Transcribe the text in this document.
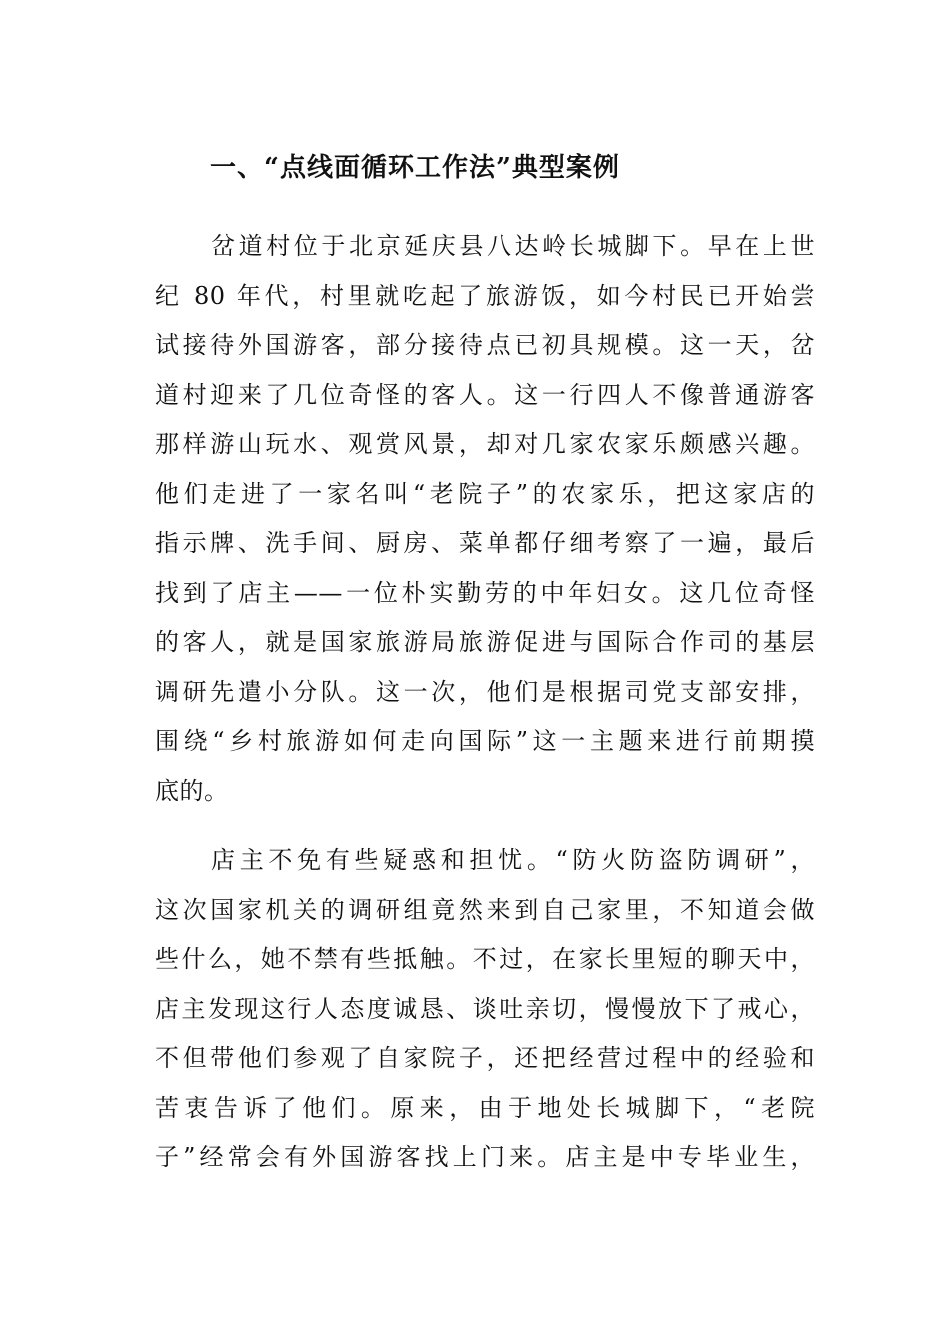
一、“点线面循环工作法”典型案例
岔道村位于北京延庆县八达岭长城脚下。早在上世
纪 80 年代，村里就吃起了旅游饭，如今村民已开始尝
试接待外国游客，部分接待点已初具规模。这一天，岔
道村迎来了几位奇怪的客人。这一行四人不像普通游客
那样游山玩水、观赏风景，却对几家农家乐颇感兴趣。
他们走进了一家名叫“老院子”的农家乐，把这家店的
指示牌、洗手间、厨房、菜单都仔细考察了一遍，最后
找到了店主——一位朴实勤劳的中年妇女。这几位奇怪
的客人，就是国家旅游局旅游促进与国际合作司的基层
调研先遣小分队。这一次，他们是根据司党支部安排，
围绕“乡村旅游如何走向国际”这一主题来进行前期摸
底的。
店主不免有些疑惑和担忧。“防火防盗防调研”，
这次国家机关的调研组竟然来到自己家里，不知道会做
些什么，她不禁有些抵触。不过，在家长里短的聊天中，
店主发现这行人态度诚恳、谈吐亲切，慢慢放下了戒心，
不但带他们参观了自家院子，还把经营过程中的经验和
苦衷告诉了他们。原来，由于地处长城脚下，“老院
子”经常会有外国游客找上门来。店主是中专毕业生，
